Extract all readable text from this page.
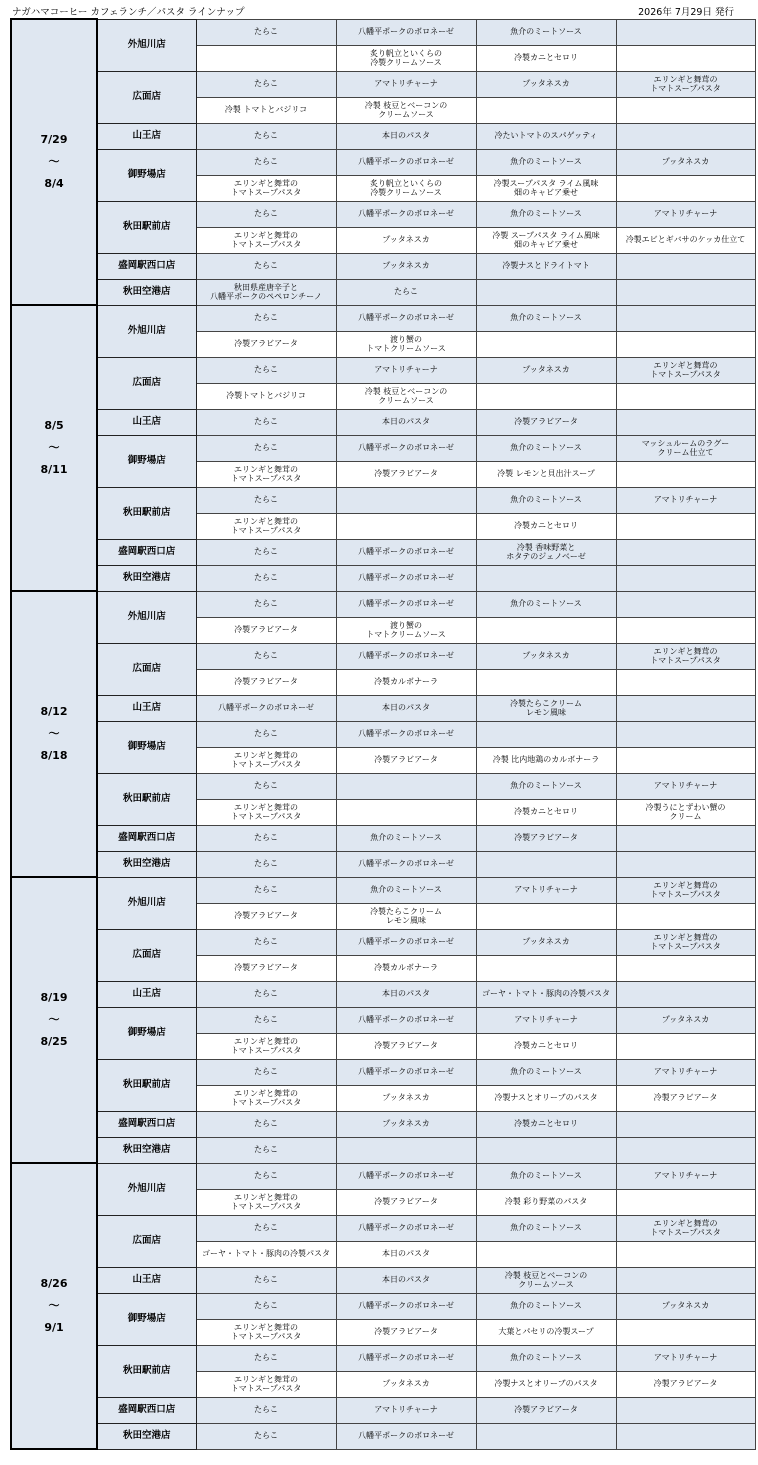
ナガハマコーヒー カフェランチ／パスタ ラインナップ	2026年 7月29日 発行
7/29
～
8/4	外旭川店	たらこ	八幡平ポークのボロネーゼ	魚介のミートソース	

			炙り帆立といくらの
冷製クリームソース	冷製カニとセロリ	

	広面店	たらこ	アマトリチャーナ	プッタネスカ	エリンギと舞茸の
トマトスープパスタ

		冷製 トマトとバジリコ	冷製 枝豆とベーコンの
クリームソース		

	山王店	たらこ	本日のパスタ	冷たいトマトのスパゲッティ	

	御野場店	たらこ	八幡平ポークのボロネーゼ	魚介のミートソース	プッタネスカ

		エリンギと舞茸の
トマトスープパスタ	炙り帆立といくらの
冷製クリームソース	冷製スープパスタ ライム風味
畑のキャビア乗せ	

	秋田駅前店	たらこ	八幡平ポークのボロネーゼ	魚介のミートソース	アマトリチャーナ

		エリンギと舞茸の
トマトスープパスタ	プッタネスカ	冷製 スープパスタ ライム風味
畑のキャビア乗せ	冷製エビとギバサのケッカ仕立て

	盛岡駅西口店	たらこ	プッタネスカ	冷製ナスとドライトマト	

	秋田空港店	秋田県産唐辛子と
八幡平ポークのペペロンチーノ	たらこ		

8/5
～
8/11	外旭川店	たらこ	八幡平ポークのボロネーゼ	魚介のミートソース	

		冷製アラビアータ	渡り蟹の
トマトクリームソース		

	広面店	たらこ	アマトリチャーナ	プッタネスカ	エリンギと舞茸の
トマトスープパスタ

		冷製トマトとバジリコ	冷製 枝豆とベーコンの
クリームソース		

	山王店	たらこ	本日のパスタ	冷製アラビアータ	

	御野場店	たらこ	八幡平ポークのボロネーゼ	魚介のミートソース	マッシュルームのラグー
クリーム仕立て

		エリンギと舞茸の
トマトスープパスタ	冷製アラビアータ	冷製 レモンと貝出汁スープ	

	秋田駅前店	たらこ		魚介のミートソース	アマトリチャーナ

		エリンギと舞茸の
トマトスープパスタ		冷製カニとセロリ	

	盛岡駅西口店	たらこ	八幡平ポークのボロネーゼ	冷製 香味野菜と
ホタテのジェノベーゼ	

	秋田空港店	たらこ	八幡平ポークのボロネーゼ		

8/12
～
8/18	外旭川店	たらこ	八幡平ポークのボロネーゼ	魚介のミートソース	

		冷製アラビアータ	渡り蟹の
トマトクリームソース		

	広面店	たらこ	八幡平ポークのボロネーゼ	プッタネスカ	エリンギと舞茸の
トマトスープパスタ

		冷製アラビアータ	冷製カルボナーラ		

	山王店	八幡平ポークのボロネーゼ	本日のパスタ	冷製たらこクリーム
レモン風味	

	御野場店	たらこ	八幡平ポークのボロネーゼ		

		エリンギと舞茸の
トマトスープパスタ	冷製アラビアータ	冷製 比内地鶏のカルボナーラ	

	秋田駅前店	たらこ		魚介のミートソース	アマトリチャーナ

		エリンギと舞茸の
トマトスープパスタ		冷製カニとセロリ	冷製うにとずわい蟹の
クリーム

	盛岡駅西口店	たらこ	魚介のミートソース	冷製アラビアータ	

	秋田空港店	たらこ	八幡平ポークのボロネーゼ		

8/19
～
8/25	外旭川店	たらこ	魚介のミートソース	アマトリチャーナ	エリンギと舞茸の
トマトスープパスタ

		冷製アラビアータ	冷製たらこクリーム
レモン風味		

	広面店	たらこ	八幡平ポークのボロネーゼ	プッタネスカ	エリンギと舞茸の
トマトスープパスタ

		冷製アラビアータ	冷製カルボナーラ		

	山王店	たらこ	本日のパスタ	ゴーヤ・トマト・豚肉の冷製パスタ	

	御野場店	たらこ	八幡平ポークのボロネーゼ	アマトリチャーナ	プッタネスカ

		エリンギと舞茸の
トマトスープパスタ	冷製アラビアータ	冷製カニとセロリ	

	秋田駅前店	たらこ	八幡平ポークのボロネーゼ	魚介のミートソース	アマトリチャーナ

		エリンギと舞茸の
トマトスープパスタ	プッタネスカ	冷製ナスとオリーブのパスタ	冷製アラビアータ

	盛岡駅西口店	たらこ	プッタネスカ	冷製カニとセロリ	

	秋田空港店	たらこ			

8/26
～
9/1	外旭川店	たらこ	八幡平ポークのボロネーゼ	魚介のミートソース	アマトリチャーナ

		エリンギと舞茸の
トマトスープパスタ	冷製アラビアータ	冷製 彩り野菜のパスタ	

	広面店	たらこ	八幡平ポークのボロネーゼ	魚介のミートソース	エリンギと舞茸の
トマトスープパスタ

		ゴーヤ・トマト・豚肉の冷製パスタ	本日のパスタ		

	山王店	たらこ	本日のパスタ	冷製 枝豆とベーコンの
クリームソース	

	御野場店	たらこ	八幡平ポークのボロネーゼ	魚介のミートソース	プッタネスカ

		エリンギと舞茸の
トマトスープパスタ	冷製アラビアータ	大葉とパセリの冷製スープ	

	秋田駅前店	たらこ	八幡平ポークのボロネーゼ	魚介のミートソース	アマトリチャーナ

		エリンギと舞茸の
トマトスープパスタ	プッタネスカ	冷製ナスとオリーブのパスタ	冷製アラビアータ

	盛岡駅西口店	たらこ	アマトリチャーナ	冷製アラビアータ	

	秋田空港店	たらこ	八幡平ポークのボロネーゼ		
